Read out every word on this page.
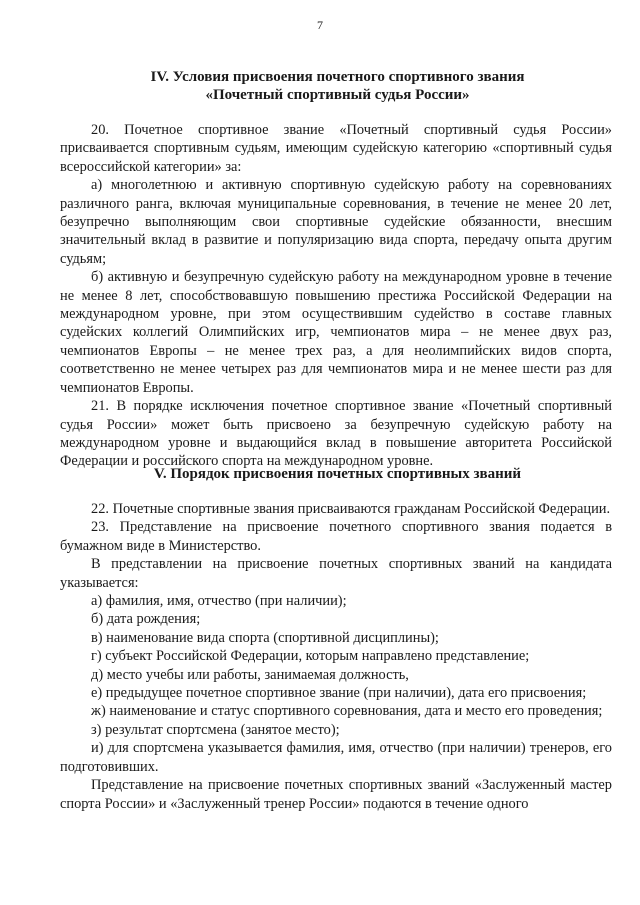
7
IV. Условия присвоения почетного спортивного звания
«Почетный спортивный судья России»

20. Почетное спортивное звание «Почетный спортивный судья России» присваивается спортивным судьям, имеющим судейскую категорию «спортивный судья всероссийской категории» за:

а) многолетнюю и активную спортивную судейскую работу на соревнованиях различного ранга, включая муниципальные соревнования, в течение не менее 20 лет, безупречно выполняющим свои спортивные судейские обязанности, внесшим значительный вклад в развитие и популяризацию вида спорта, передачу опыта другим судьям;

б) активную и безупречную судейскую работу на международном уровне в течение не менее 8 лет, способствовавшую повышению престижа Российской Федерации на международном уровне, при этом осуществившим судейство в составе главных судейских коллегий Олимпийских игр, чемпионатов мира – не менее двух раз, чемпионатов Европы – не менее трех раз, а для неолимпийских видов спорта, соответственно не менее четырех раз для чемпионатов мира и не менее шести раз для чемпионатов Европы.

21. В порядке исключения почетное спортивное звание «Почетный спортивный судья России» может быть присвоено за безупречную судейскую работу на международном уровне и выдающийся вклад в повышение авторитета Российской Федерации и российского спорта на международном уровне.

V. Порядок присвоения почетных спортивных званий

22. Почетные спортивные звания присваиваются гражданам Российской Федерации.

23. Представление на присвоение почетного спортивного звания подается в бумажном виде в Министерство.

В представлении на присвоение почетных спортивных званий на кандидата указывается:

а) фамилия, имя, отчество (при наличии);

б) дата рождения;

в) наименование вида спорта (спортивной дисциплины);

г) субъект Российской Федерации, которым направлено представление;

д) место учебы или работы, занимаемая должность,

е) предыдущее почетное спортивное звание (при наличии), дата его присвоения;

ж) наименование и статус спортивного соревнования, дата и место его проведения;

з) результат спортсмена (занятое место);

и) для спортсмена указывается фамилия, имя, отчество (при наличии) тренеров, его подготовивших.

Представление на присвоение почетных спортивных званий «Заслуженный мастер спорта России» и «Заслуженный тренер России» подаются в течение одного
